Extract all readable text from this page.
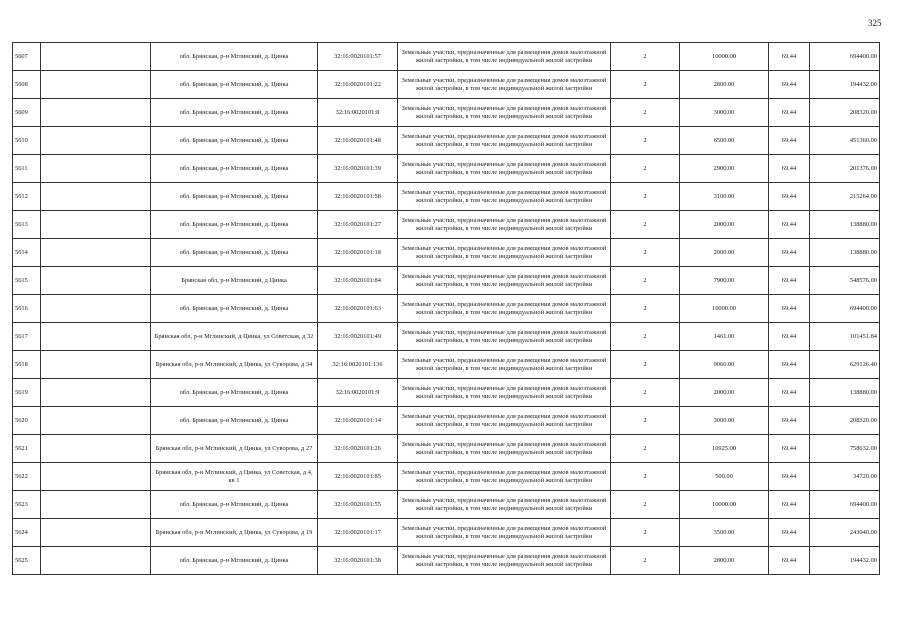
325
5607		обл. Брянская, р-н Мглинский, д. Цинка	32:16:0020101:57	Земельные участки, предназначенные для размещения домов малоэтажной жилой застройки, в том числе индивидуальной жилой застройки	2	10000.00	69.44	694400.00
5608		обл. Брянская, р-н Мглинский, д. Цинка	32:16:0020101:22	Земельные участки, предназначенные для размещения домов малоэтажной жилой застройки, в том числе индивидуальной жилой застройки	2	2800.00	69.44	194432.00
5609		обл. Брянская, р-н Мглинский, д. Цинка	32:16:0020101:8	Земельные участки, предназначенные для размещения домов малоэтажной жилой застройки, в том числе индивидуальной жилой застройки	2	3000.00	69.44	208320.00
5610		обл. Брянская, р-н Мглинский, д. Цинка	32:16:0020101:48	Земельные участки, предназначенные для размещения домов малоэтажной жилой застройки, в том числе индивидуальной жилой застройки	2	6500.00	69.44	451360.00
5611		обл. Брянская, р-н Мглинский, д. Цинка	32:16:0020101:39	Земельные участки, предназначенные для размещения домов малоэтажной жилой застройки, в том числе индивидуальной жилой застройки	2	2900.00	69.44	201376.00
5612		обл. Брянская, р-н Мглинский, д. Цинка	32:16:0020101:58	Земельные участки, предназначенные для размещения домов малоэтажной жилой застройки, в том числе индивидуальной жилой застройки	2	3100.00	69.44	215264.00
5613		обл. Брянская, р-н Мглинский, д. Цинка	32:16:0020101:27	Земельные участки, предназначенные для размещения домов малоэтажной жилой застройки, в том числе индивидуальной жилой застройки	2	2000.00	69.44	138880.00
5614		обл. Брянская, р-н Мглинский, д. Цинка	32:16:0020101:18	Земельные участки, предназначенные для размещения домов малоэтажной жилой застройки, в том числе индивидуальной жилой застройки	2	2000.00	69.44	138880.00
5615		Брянская обл, р-н Мглинский, д Цинка	32:16:0020101:84	Земельные участки, предназначенные для размещения домов малоэтажной жилой застройки, в том числе индивидуальной жилой застройки	2	7900.00	69.44	548576.00
5616		обл. Брянская, р-н Мглинский, д. Цинка	32:16:0020101:63	Земельные участки, предназначенные для размещения домов малоэтажной жилой застройки, в том числе индивидуальной жилой застройки	2	10000.00	69.44	694400.00
5617		Брянская обл, р-н Мглинский, д Цинка, ул Советская, д 32	32:16:0020101:49	Земельные участки, предназначенные для размещения домов малоэтажной жилой застройки, в том числе индивидуальной жилой застройки	2	1461.00	69.44	101451.84
5618		Брянская обл, р-н Мглинский, д Цинка, ул Суворова, д 34	32:16:0020101:136	Земельные участки, предназначенные для размещения домов малоэтажной жилой застройки, в том числе индивидуальной жилой застройки	2	9060.00	69.44	629126.40
5619		обл. Брянская, р-н Мглинский, д. Цинка	32:16:0020101:9	Земельные участки, предназначенные для размещения домов малоэтажной жилой застройки, в том числе индивидуальной жилой застройки	2	2000.00	69.44	138880.00
5620		обл. Брянская, р-н Мглинский, д. Цинка	32:16:0020101:14	Земельные участки, предназначенные для размещения домов малоэтажной жилой застройки, в том числе индивидуальной жилой застройки	2	3000.00	69.44	208320.00
5621		Брянская обл, р-н Мглинский, д Цинка, ул Суворова, д 27	32:16:0020101:26	Земельные участки, предназначенные для размещения домов малоэтажной жилой застройки, в том числе индивидуальной жилой застройки	2	10925.00	69.44	758632.00
5622		Брянская обл, р-н Мглинский, д Цинка, ул Советская, д 4, кв 1	32:16:0020101:85	Земельные участки, предназначенные для размещения домов малоэтажной жилой застройки, в том числе индивидуальной жилой застройки	2	500.00	69.44	34720.00
5623		обл. Брянская, р-н Мглинский, д. Цинка	32:16:0020101:55	Земельные участки, предназначенные для размещения домов малоэтажной жилой застройки, в том числе индивидуальной жилой застройки	2	10000.00	69.44	694400.00
5624		Брянская обл, р-н Мглинский, д Цинка, ул Суворова, д 19	32:16:0020101:17	Земельные участки, предназначенные для размещения домов малоэтажной жилой застройки, в том числе индивидуальной жилой застройки	2	3500.00	69.44	243040.00
5625		обл. Брянская, р-н Мглинский, д. Цинка	32:16:0020101:38	Земельные участки, предназначенные для размещения домов малоэтажной жилой застройки, в том числе индивидуальной жилой застройки	2	2800.00	69.44	194432.00
